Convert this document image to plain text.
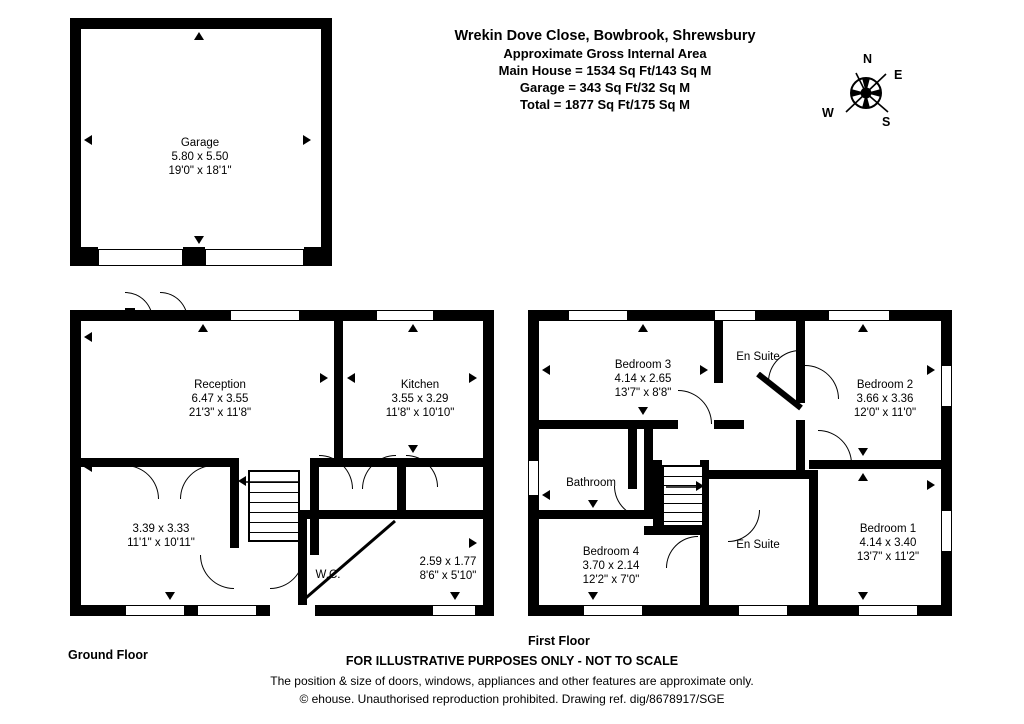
Wrekin Dove Close, Bowbrook, Shrewsbury
Approximate Gross Internal Area
Main House = 1534 Sq Ft/143 Sq M
Garage = 343 Sq Ft/32 Sq M
Total = 1877 Sq Ft/175 Sq M
N
E
S
W
Garage
5.80 x 5.50
19'0" x 18'1"
Reception
6.47 x 3.55
21'3" x 11'8"
Kitchen
3.55 x 3.29
11'8" x 10'10"
3.39 x 3.33
11'1" x 10'11"
W.C.
2.59 x 1.77
8'6" x 5'10"
Ground Floor
Bedroom 3
4.14 x 2.65
13'7" x 8'8"
En Suite
Bedroom 2
3.66 x 3.36
12'0" x 11'0"
Bathroom
En Suite
Bedroom 1
4.14 x 3.40
13'7" x 11'2"
Bedroom 4
3.70 x 2.14
12'2" x 7'0"
First Floor
FOR ILLUSTRATIVE PURPOSES ONLY - NOT TO SCALE
The position & size of doors, windows, appliances and other features are approximate only.
© ehouse. Unauthorised reproduction prohibited. Drawing ref. dig/8678917/SGE
